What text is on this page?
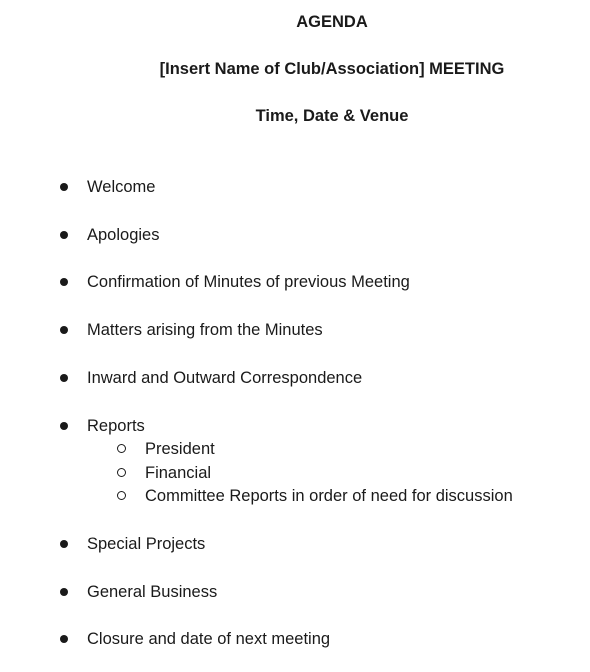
AGENDA
[Insert Name of Club/Association] MEETING
Time, Date & Venue
Welcome
Apologies
Confirmation of Minutes of previous Meeting
Matters arising from the Minutes
Inward and Outward Correspondence
Reports
President
Financial
Committee Reports in order of need for discussion
Special Projects
General Business
Closure and date of next meeting
